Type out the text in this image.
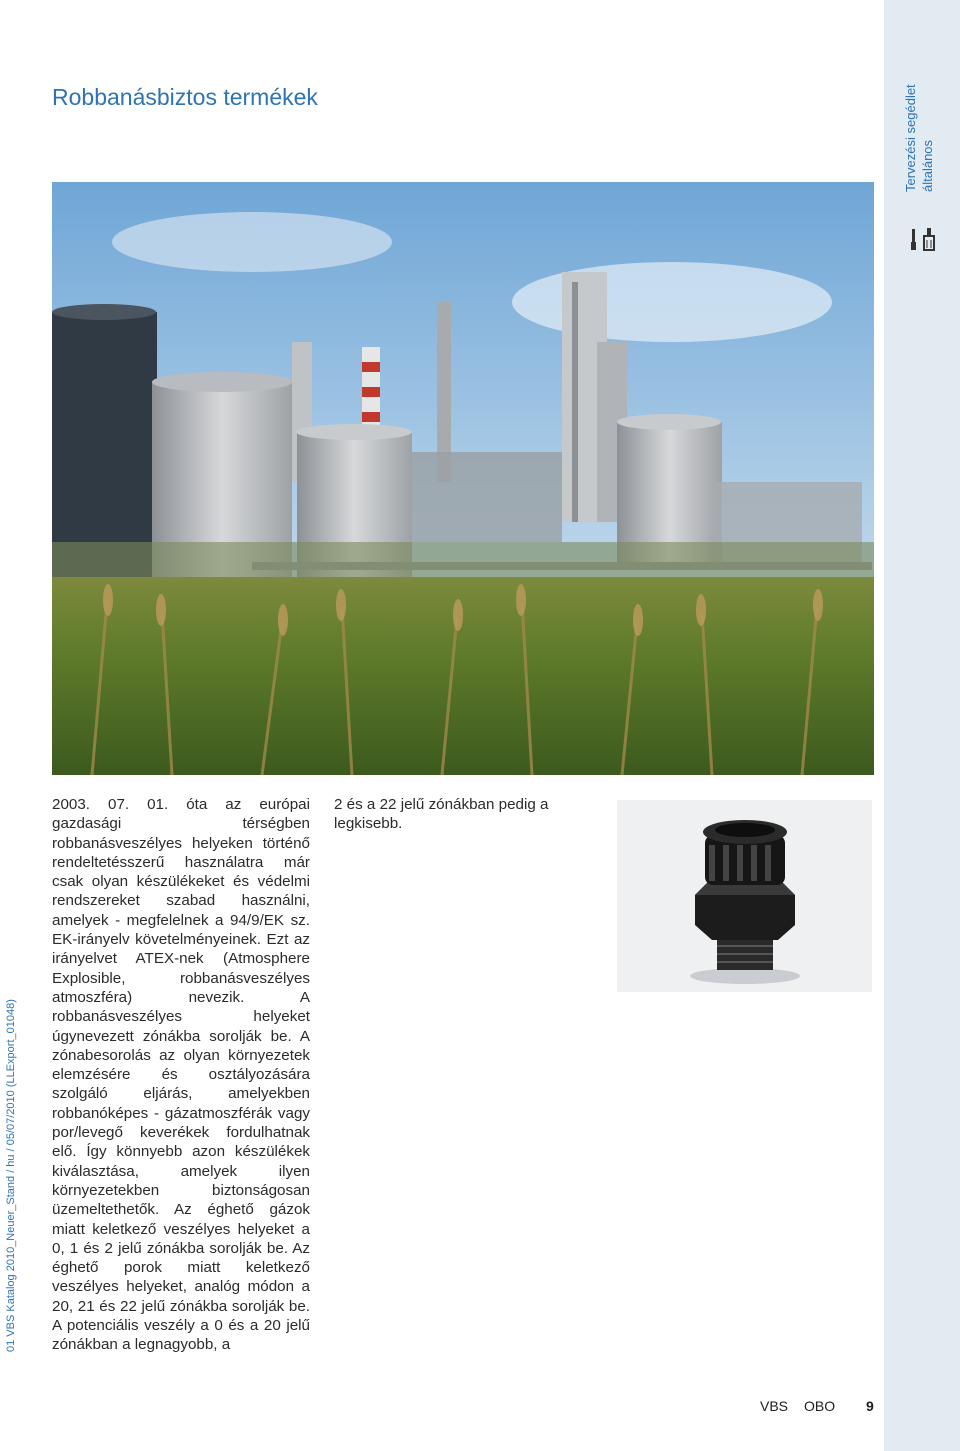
Tervezési segédlet általános
Robbanásbiztos termékek
01 VBS Katalog 2010_Neuer_Stand / hu / 05/07/2010 (LLExport_01048)
2003. 07. 01. óta az európai gazdasági térségben robbanásveszélyes helyeken történő rendeltetésszerű használatra már csak olyan készülékeket és védelmi rendszereket szabad használni, amelyek - megfelelnek a 94/9/EK sz. EK-irányelv követelményeinek. Ezt az irányelvet ATEX-nek (Atmosphere Explosible, robbanásveszélyes atmoszféra) nevezik. A robbanásveszélyes helyeket úgynevezett zónákba sorolják be. A zónabesorolás az olyan környezetek elemzésére és osztályozására szolgáló eljárás, amelyekben robbanóképes - gázatmoszférák vagy por/levegő keverékek fordulhatnak elő. Így könnyebb azon készülékek kiválasztása, amelyek ilyen környezetekben biztonságosan üzemeltethetők. Az éghető gázok miatt keletkező veszélyes helyeket a 0, 1 és 2 jelű zónákba sorolják be. Az éghető porok miatt keletkező veszélyes helyeket, analóg módon a 20, 21 és 22 jelű zónákba sorolják be. A potenciális veszély a 0 és a 20 jelű zónákban a legnagyobb, a
2 és a 22 jelű zónákban pedig a legkisebb.
VBS OBO 9
